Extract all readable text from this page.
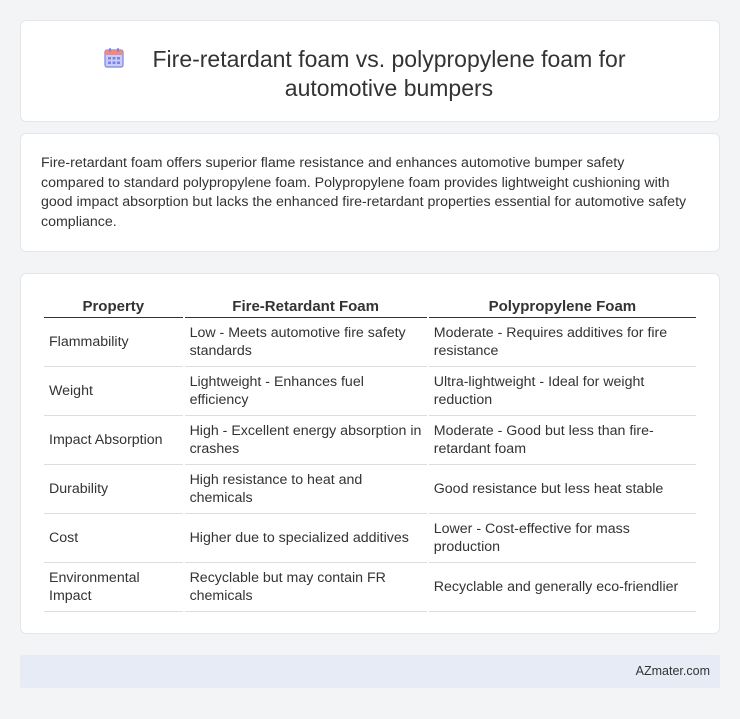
Fire-retardant foam vs. polypropylene foam for automotive bumpers

Fire-retardant foam offers superior flame resistance and enhances automotive bumper safety compared to standard polypropylene foam. Polypropylene foam provides lightweight cushioning with good impact absorption but lacks the enhanced fire-retardant properties essential for automotive safety compliance.

Property	Fire-Retardant Foam	Polypropylene Foam
Flammability	Low - Meets automotive fire safety standards	Moderate - Requires additives for fire resistance
Weight	Lightweight - Enhances fuel efficiency	Ultra-lightweight - Ideal for weight reduction
Impact Absorption	High - Excellent energy absorption in crashes	Moderate - Good but less than fire-retardant foam
Durability	High resistance to heat and chemicals	Good resistance but less heat stable
Cost	Higher due to specialized additives	Lower - Cost-effective for mass production
Environmental Impact	Recyclable but may contain FR chemicals	Recyclable and generally eco-friendlier
AZmater.com
